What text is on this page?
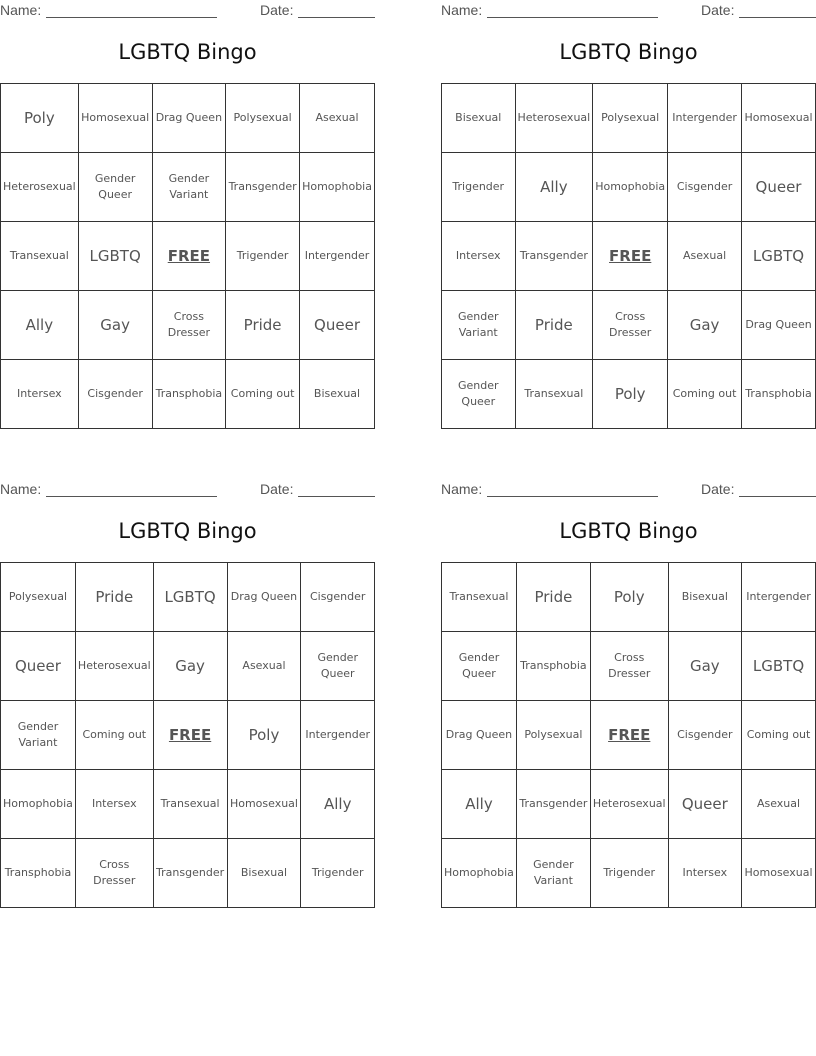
Name:	Date:
LGBTQ Bingo
Poly	Homosexual	Drag Queen	Polysexual	Asexual
Heterosexual	Gender Queer	Gender Variant	Transgender	Homophobia
Transexual	LGBTQ	FREE	Trigender	Intergender
Ally	Gay	Cross Dresser	Pride	Queer
Intersex	Cisgender	Transphobia	Coming out	Bisexual
Name:	Date:
LGBTQ Bingo
Bisexual	Heterosexual	Polysexual	Intergender	Homosexual
Trigender	Ally	Homophobia	Cisgender	Queer
Intersex	Transgender	FREE	Asexual	LGBTQ
Gender Variant	Pride	Cross Dresser	Gay	Drag Queen
Gender Queer	Transexual	Poly	Coming out	Transphobia
Name:	Date:
LGBTQ Bingo
Polysexual	Pride	LGBTQ	Drag Queen	Cisgender
Queer	Heterosexual	Gay	Asexual	Gender Queer
Gender Variant	Coming out	FREE	Poly	Intergender
Homophobia	Intersex	Transexual	Homosexual	Ally
Transphobia	Cross Dresser	Transgender	Bisexual	Trigender
Name:	Date:
LGBTQ Bingo
Transexual	Pride	Poly	Bisexual	Intergender
Gender Queer	Transphobia	Cross Dresser	Gay	LGBTQ
Drag Queen	Polysexual	FREE	Cisgender	Coming out
Ally	Transgender	Heterosexual	Queer	Asexual
Homophobia	Gender Variant	Trigender	Intersex	Homosexual
